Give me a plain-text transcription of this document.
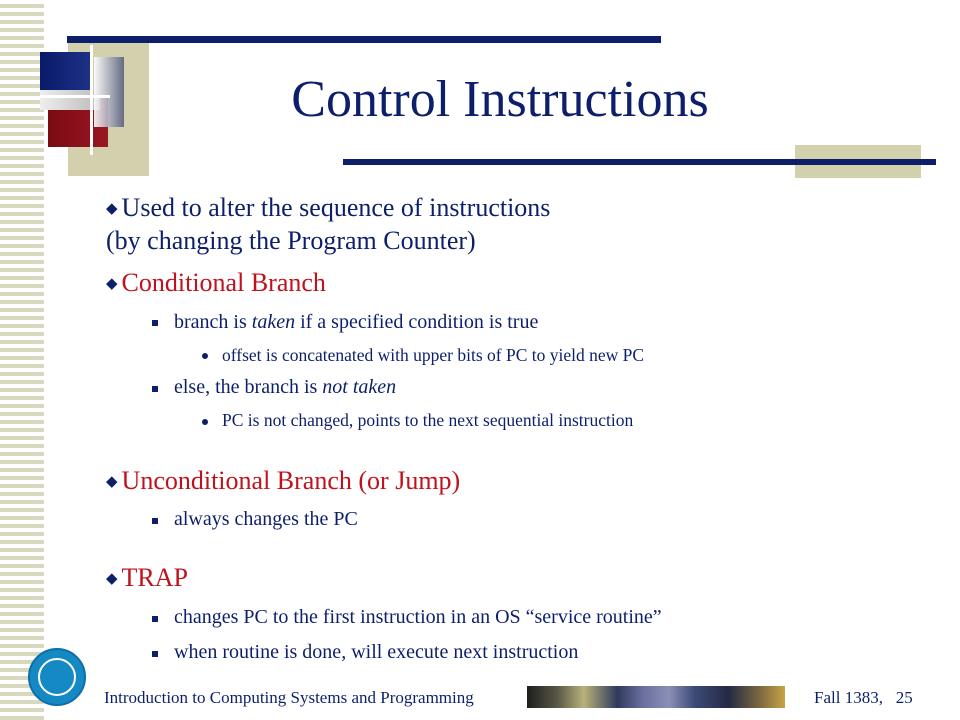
Control Instructions
◆ Used to alter the sequence of instructions
(by changing the Program Counter)
◆ Conditional Branch
branch is taken if a specified condition is true
offset is concatenated with upper bits of PC to yield new PC
else, the branch is not taken
PC is not changed, points to the next sequential instruction
◆ Unconditional Branch (or Jump)
always changes the PC
◆ TRAP
changes PC to the first instruction in an OS “service routine”
when routine is done, will execute next instruction
Introduction to Computing Systems and Programming	Fall 1383, 25
